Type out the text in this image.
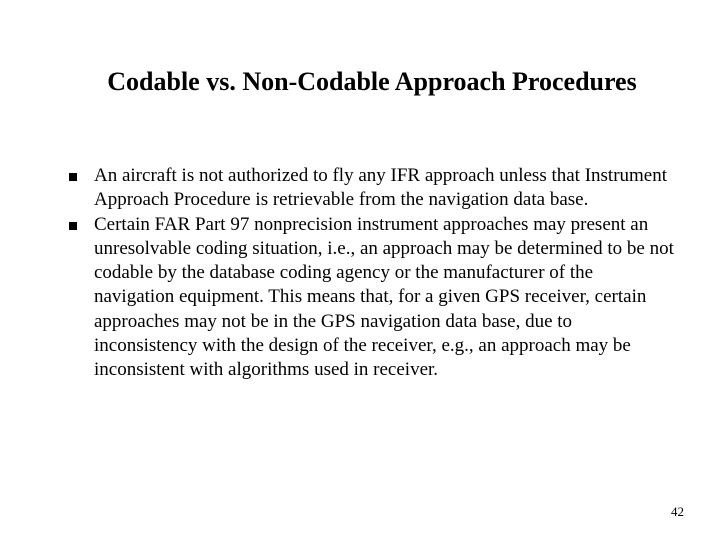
Codable vs. Non-Codable Approach Procedures
An aircraft is not authorized to fly any IFR approach unless that Instrument Approach Procedure is retrievable from the navigation data base.
Certain FAR Part 97 nonprecision instrument approaches may present an unresolvable coding situation, i.e., an approach may be determined to be not codable by the database coding agency or the manufacturer of the navigation equipment. This means that, for a given GPS receiver, certain approaches may not be in the GPS navigation data base, due to inconsistency with the design of the receiver, e.g., an approach may be inconsistent with algorithms used in receiver.
42
